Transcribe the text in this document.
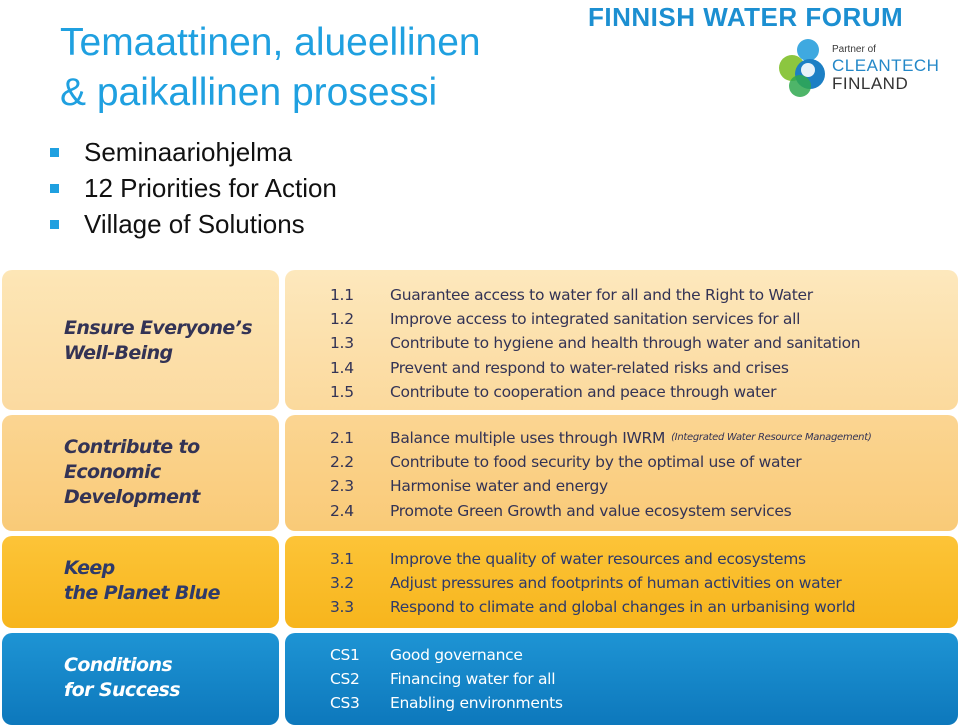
Temaattinen, alueellinen
& paikallinen prosessi
Seminaariohjelma
12 Priorities for Action
Village of Solutions
FINNISH WATER FORUM
Partner of
CLEANTECH
FINLAND
Ensure Everyone’s
Well-Being
1.1	Guarantee access to water for all and the Right to Water
1.2	Improve access to integrated sanitation services for all
1.3	Contribute to hygiene and health through water and sanitation
1.4	Prevent and respond to water-related risks and crises
1.5	Contribute to cooperation and peace through water
Contribute to
Economic
Development
2.1	Balance multiple uses through IWRM (Integrated Water Resource Management)
2.2	Contribute to food security by the optimal use of water
2.3	Harmonise water and energy
2.4	Promote Green Growth and value ecosystem services
Keep
the Planet Blue
3.1	Improve the quality of water resources and ecosystems
3.2	Adjust pressures and footprints of human activities on water
3.3	Respond to climate and global changes in an urbanising world
Conditions
for Success
CS1	Good governance
CS2	Financing water for all
CS3	Enabling environments
